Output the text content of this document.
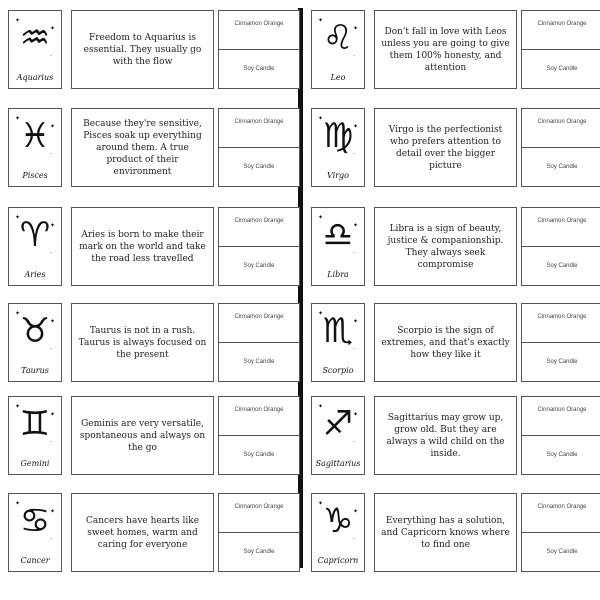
✦
✦
·
♒
Aquarius
Freedom to Aquarius is essential. They usually go with the flow
Cinnamon Orange
Soy Candle
✦
✦
·
♓
Pisces
Because they're sensitive, Pisces soak up everything around them. A true product of their environment
Cinnamon Orange
Soy Candle
✦
✦
·
♈
Aries
Aries is born to make their mark on the world and take the road less travelled
Cinnamon Orange
Soy Candle
✦
✦
·
♉
Taurus
Taurus is not in a rush. Taurus is always focused on the present
Cinnamon Orange
Soy Candle
✦
✦
·
♊
Gemini
Geminis are very versatile, spontaneous and always on the go
Cinnamon Orange
Soy Candle
✦
✦
·
♋
Cancer
Cancers have hearts like sweet homes, warm and caring for everyone
Cinnamon Orange
Soy Candle
✦
✦
·
♌
Leo
Don't fall in love with Leos unless you are going to give them 100% honesty, and attention
Cinnamon Orange
Soy Candle
✦
✦
·
♍
Virgo
Virgo is the perfectionist who prefers attention to detail over the bigger picture
Cinnamon Orange
Soy Candle
✦
✦
·
♎
Libra
Libra is a sign of beauty, justice & companionship. They always seek compromise
Cinnamon Orange
Soy Candle
✦
✦
·
♏
Scorpio
Scorpio is the sign of extremes, and that's exactly how they like it
Cinnamon Orange
Soy Candle
✦
✦
·
♐
Sagittarius
Sagittarius may grow up, grow old. But they are always a wild child on the inside.
Cinnamon Orange
Soy Candle
✦
✦
·
♑
Capricorn
Everything has a solution, and Capricorn knows where to find one
Cinnamon Orange
Soy Candle
